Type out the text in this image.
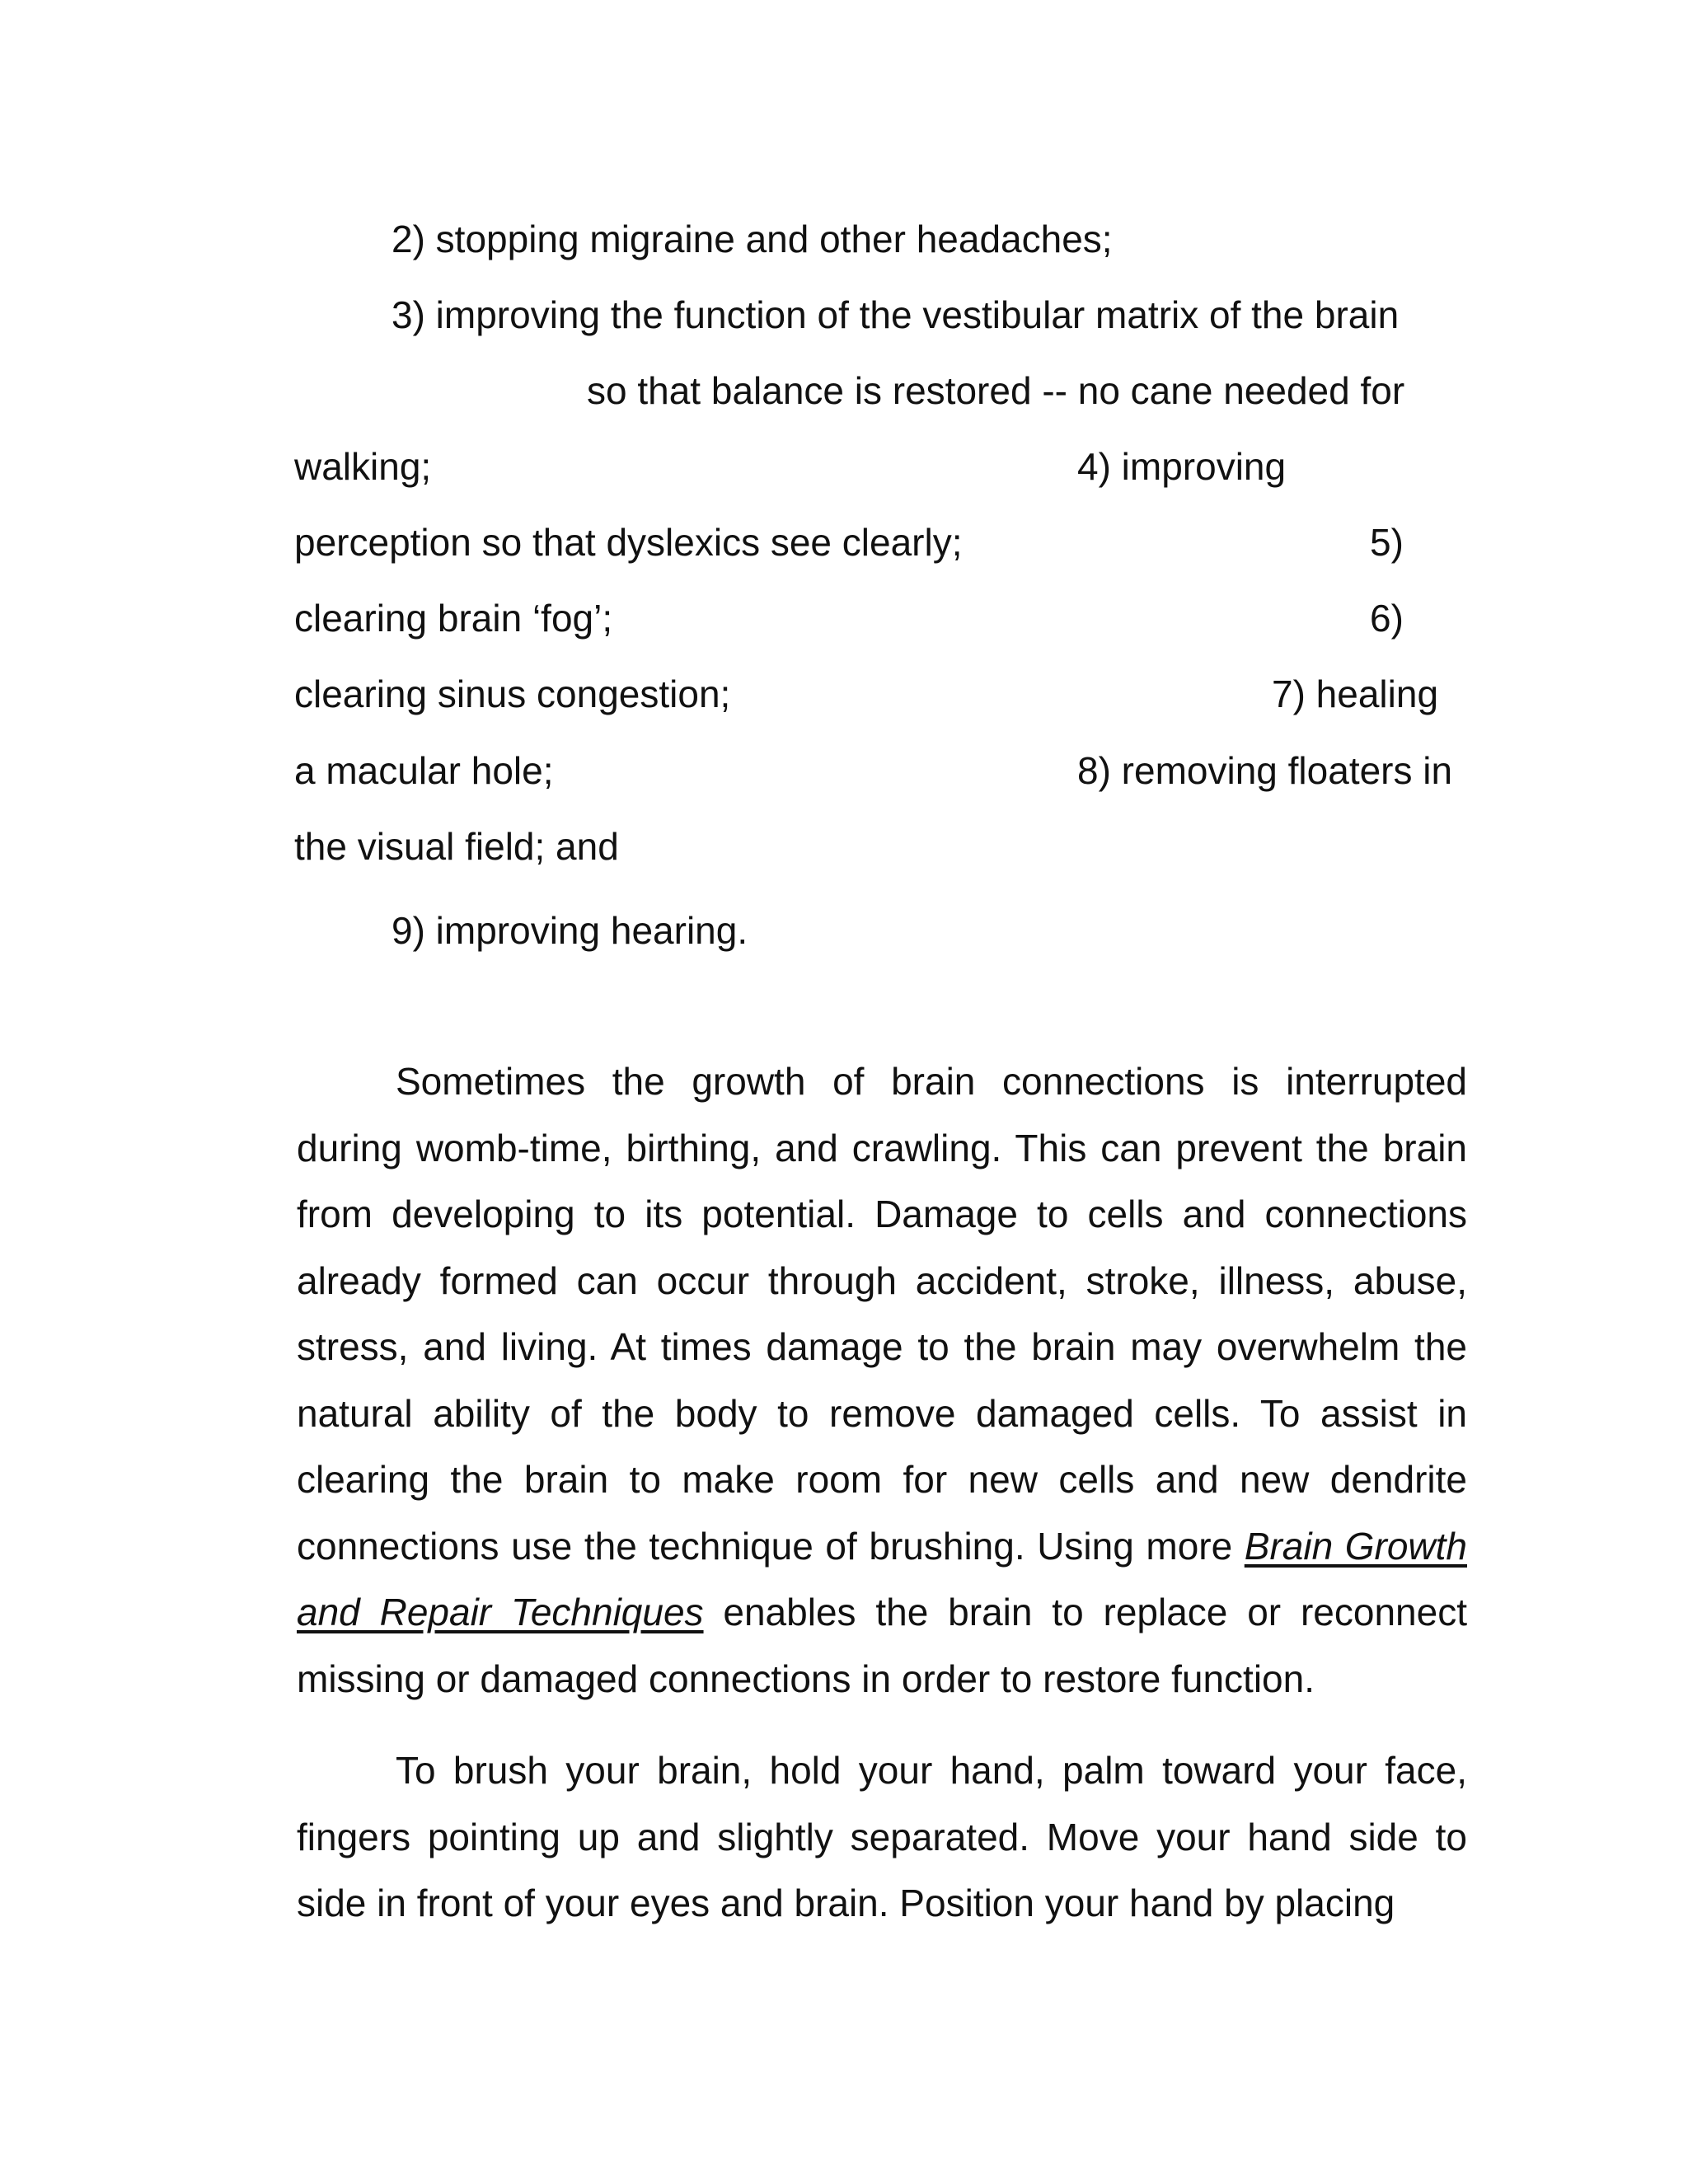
2) stopping migraine and other headaches;
3) improving the function of the vestibular matrix of the brain
so that balance is restored -- no cane needed for
walking;	4) improving
perception so that dyslexics see clearly;	5)
clearing brain ‘fog’;	6)
clearing sinus congestion;	7) healing
a macular hole;	8) removing floaters in
the visual field; and
9) improving hearing.

Sometimes the growth of brain connections is interrupted during womb-time, birthing, and crawling. This can prevent the brain from developing to its potential. Damage to cells and connections already formed can occur through accident, stroke, illness, abuse, stress, and living. At times damage to the brain may overwhelm the natural ability of the body to remove damaged cells. To assist in clearing the brain to make room for new cells and new dendrite connections use the technique of brushing. Using more Brain Growth and Repair Techniques enables the brain to replace or reconnect missing or damaged connections in order to restore function.

To brush your brain, hold your hand, palm toward your face, fingers pointing up and slightly separated. Move your hand side to side in front of your eyes and brain. Position your hand by placing
